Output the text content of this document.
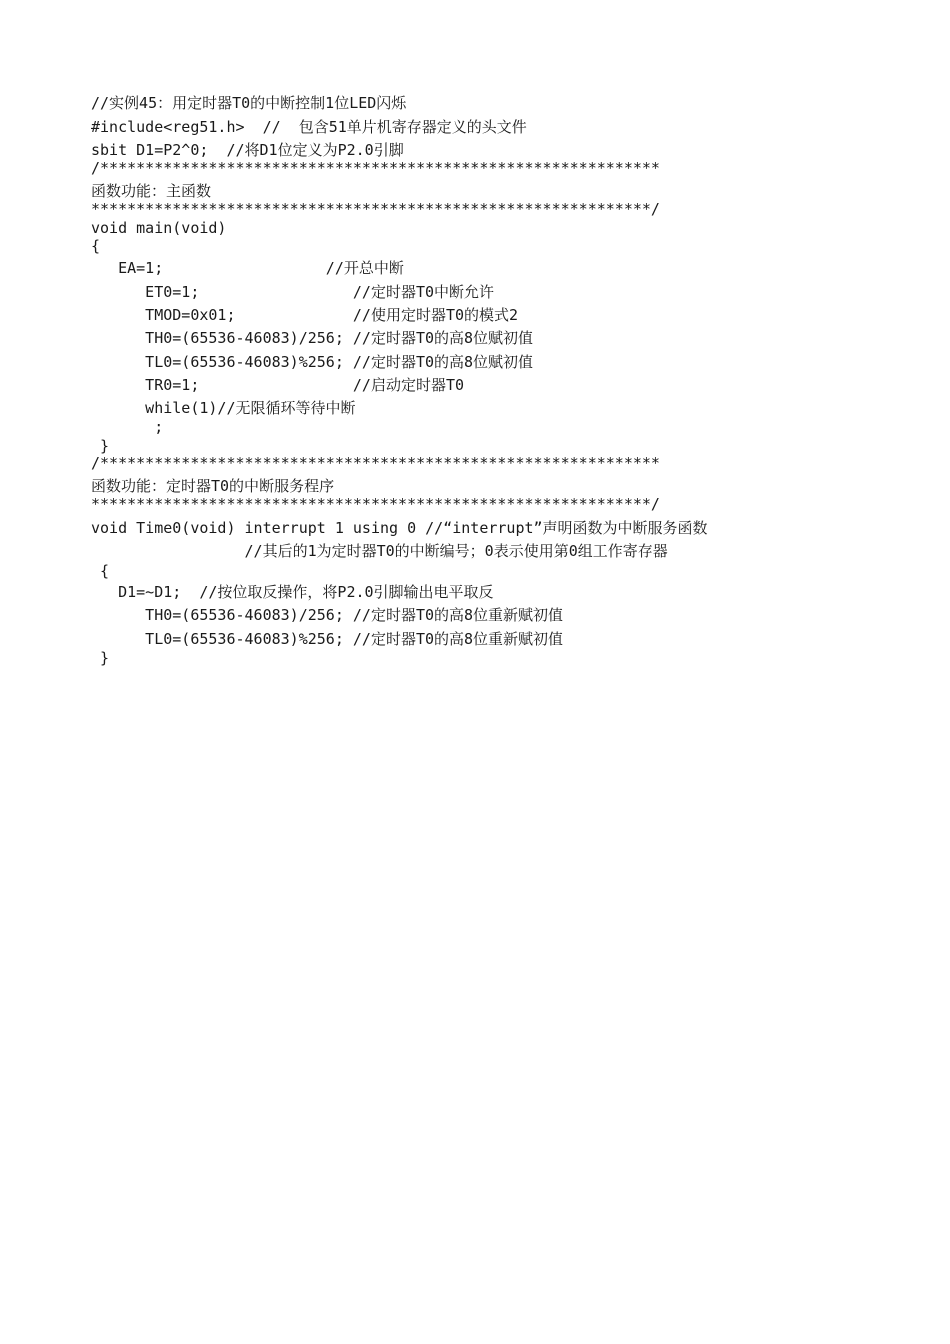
//实例45：用定时器T0的中断控制1位LED闪烁
#include<reg51.h>  //  包含51单片机寄存器定义的头文件
sbit D1=P2^0;  //将D1位定义为P2.0引脚
/**************************************************************
函数功能：主函数
**************************************************************/
void main(void)
{
EA=1;                  //开总中断
ET0=1;                 //定时器T0中断允许
TMOD=0x01;             //使用定时器T0的模式2
TH0=(65536-46083)/256; //定时器T0的高8位赋初值
TL0=(65536-46083)%256; //定时器T0的高8位赋初值
TR0=1;                 //启动定时器T0
while(1)//无限循环等待中断
;
}
/**************************************************************
函数功能：定时器T0的中断服务程序
**************************************************************/
void Time0(void) interrupt 1 using 0 //“interrupt”声明函数为中断服务函数
//其后的1为定时器T0的中断编号；0表示使用第0组工作寄存器
{
D1=~D1;  //按位取反操作，将P2.0引脚输出电平取反
TH0=(65536-46083)/256; //定时器T0的高8位重新赋初值
TL0=(65536-46083)%256; //定时器T0的高8位重新赋初值
}
